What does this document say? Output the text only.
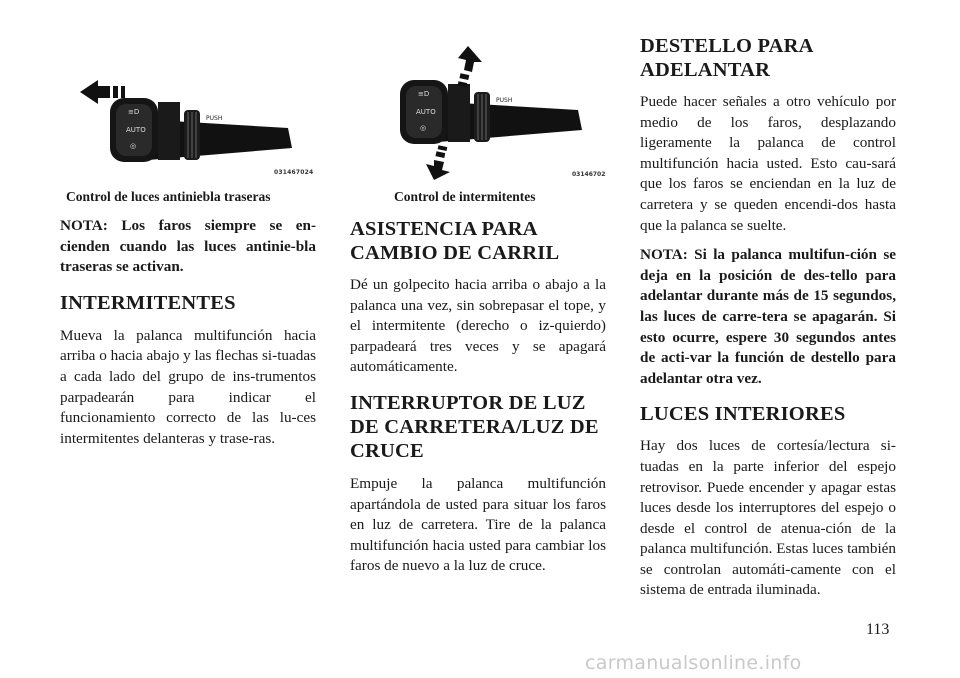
≡D
AUTO
◎
PUSH
031467024
Control de luces antiniebla traseras
≡D
AUTO
◎
PUSH
031467025
Control de intermitentes

NOTA: Los faros siempre se en-cienden cuando las luces antinie-bla traseras se activan.

INTERMITENTES

Mueva la palanca multifunción hacia arriba o hacia abajo y las flechas si-tuadas a cada lado del grupo de ins-trumentos parpadearán para indicar el funcionamiento correcto de las lu-ces intermitentes delanteras y trase-ras.

ASISTENCIA PARA CAMBIO DE CARRIL

Dé un golpecito hacia arriba o abajo a la palanca una vez, sin sobrepasar el tope, y el intermitente (derecho o iz-quierdo) parpadeará tres veces y se apagará automáticamente.

INTERRUPTOR DE LUZ DE CARRETERA/LUZ DE CRUCE

Empuje la palanca multifunción apartándola de usted para situar los faros en luz de carretera. Tire de la palanca multifunción hacia usted para cambiar los faros de nuevo a la luz de cruce.

DESTELLO PARA ADELANTAR

Puede hacer señales a otro vehículo por medio de los faros, desplazando ligeramente la palanca de control multifunción hacia usted. Esto cau-sará que los faros se enciendan en la luz de carretera y se queden encendi-dos hasta que la palanca se suelte.

NOTA: Si la palanca multifun-ción se deja en la posición de des-tello para adelantar durante más de 15 segundos, las luces de carre-tera se apagarán. Si esto ocurre, espere 30 segundos antes de acti-var la función de destello para adelantar otra vez.

LUCES INTERIORES

Hay dos luces de cortesía/lectura si-tuadas en la parte inferior del espejo retrovisor. Puede encender y apagar estas luces desde los interruptores del espejo o desde el control de atenua-ción de la palanca multifunción. Estas luces también se controlan automáti-camente con el sistema de entrada iluminada.

113
carmanualsonline.info
